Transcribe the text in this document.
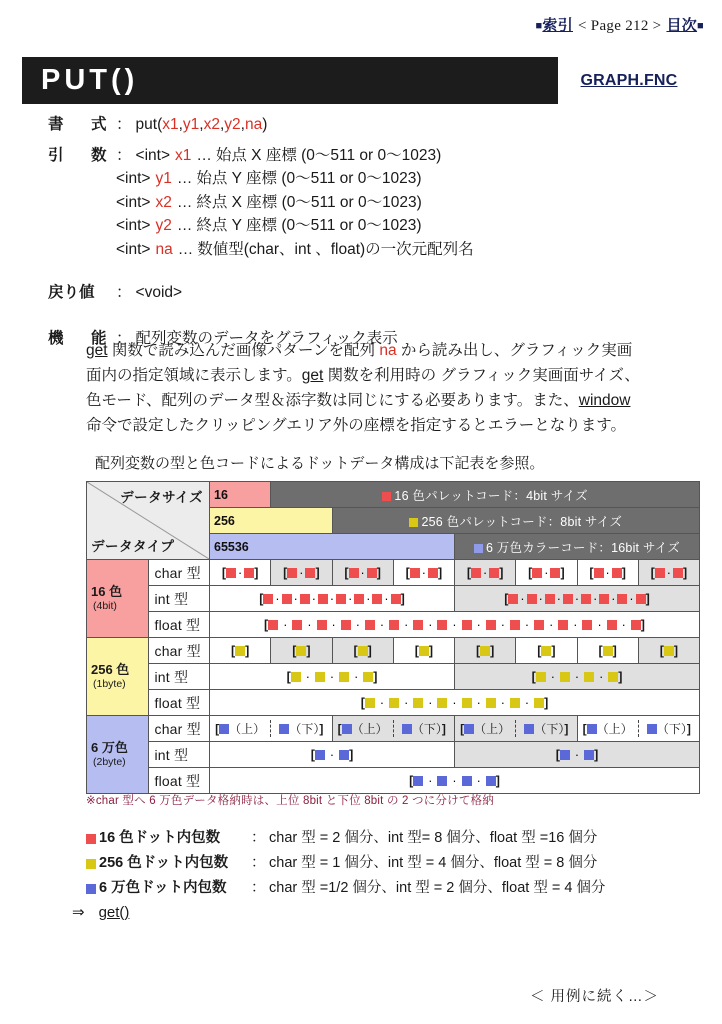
■索引 < Page 212 > 目次■
PUT()	GRAPH.FNC
書　式 ： put(x1,y1,x2,y2,na)
引　数 ： <int> x1 … 始点 X 座標 (0〜511 or 0〜1023)
<int> y1 … 始点 Y 座標 (0〜511 or 0〜1023)
<int> x2 … 終点 X 座標 (0〜511 or 0〜1023)
<int> y2 … 終点 Y 座標 (0〜511 or 0〜1023)
<int> na … 数値型(char、int 、float)の一次元配列名
戻り値	： <void>
機　能 ： 配列変数のデータをグラフィック表示
get 関数で読み込んだ画像パターンを配列 na から読み出し、グラフィック実画
面内の指定領域に表示します。get 関数を利用時の グラフィック実画面サイズ、
色モード、配列のデータ型＆添字数は同じにする必要あります。また、window
命令で設定したクリッピングエリア外の座標を指定するとエラーとなります。
配列変数の型と色コードによるドットデータ構成は下記表を参照。
データサイズ
データタイプ		16	16 色パレットコード：4bit サイズ						
		256		256 色パレットコード：8bit サイズ					
		65536				6 万色カラーコード：16bit サイズ			
16 色
(4bit)	char 型	[ · ]	[ · ]	[ · ]	[ · ]	[ · ]	[ · ]	[ · ]	[ · ]
	int 型	[ · · · · · · · ]				[ · · · · · · · ]			
	float 型	[ · · · · · · · · · · · · · · · ]							
256 色
(1byte)	char 型	[ ]	[ ]	[ ]	[ ]	[ ]	[ ]	[ ]	[ ]
	int 型	[ · · · ]				[ · · · ]			
	float 型	[ · · · · · · · ]							
6 万色
(2byte)	char 型	[ （上） （下）]		[ （上） （下）]		[ （上） （下）]		[ （上） （下）]	

	int 型	[ · ]				[ · ]			
	float 型	[ · · · ]							
※char 型へ 6 万色データ格納時は、上位 8bit と下位 8bit の 2 つに分けて格納
16 色ドット内包数	： char 型 = 2 個分、int 型= 8 個分、float 型 =16 個分
256 色ドット内包数	： char 型 = 1 個分、int 型 = 4 個分、float 型 = 8 個分
6 万色ドット内包数	： char 型 =1/2 個分、int 型 = 2 個分、float 型 = 4 個分
⇒ get()
＜ 用例に続く…＞
